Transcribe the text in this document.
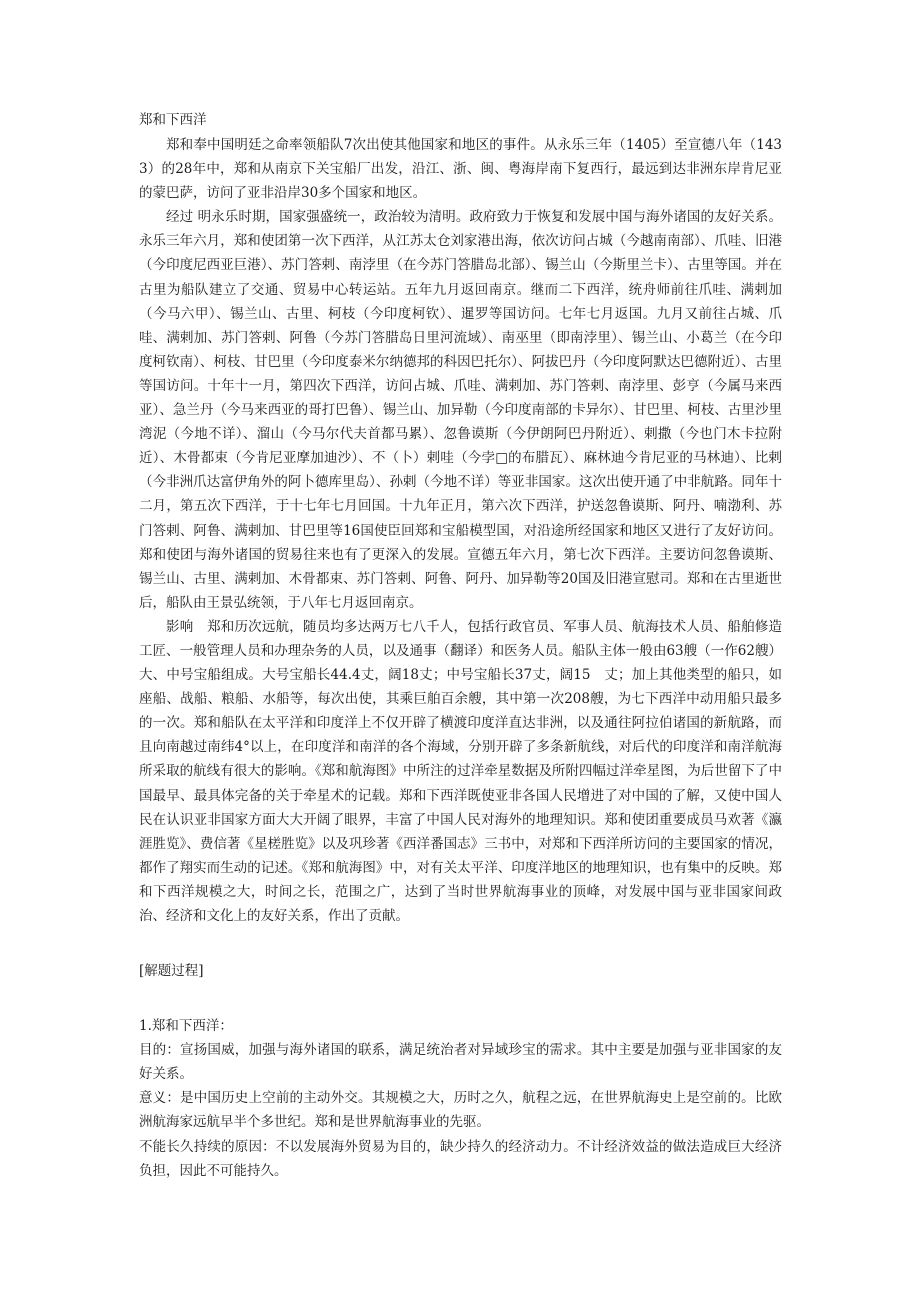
郑和下西洋

郑和奉中国明廷之命率领船队7次出使其他国家和地区的事件。从永乐三年（1405）至宣德八年（1433）的28年中，郑和从南京下关宝船厂出发，沿江、浙、闽、粤海岸南下复西行，最远到达非洲东岸肯尼亚的蒙巴萨，访问了亚非沿岸30多个国家和地区。

经过 明永乐时期，国家强盛统一，政治较为清明。政府致力于恢复和发展中国与海外诸国的友好关系。永乐三年六月，郑和使团第一次下西洋，从江苏太仓刘家港出海，依次访问占城（今越南南部）、爪哇、旧港（今印度尼西亚巨港）、苏门答剌、南浡里（在今苏门答腊岛北部）、锡兰山（今斯里兰卡）、古里等国。并在古里为船队建立了交通、贸易中心转运站。五年九月返回南京。继而二下西洋，统舟师前往爪哇、满剌加（今马六甲）、锡兰山、古里、柯枝（今印度柯钦）、暹罗等国访问。七年七月返国。九月又前往占城、爪哇、满剌加、苏门答剌、阿鲁（今苏门答腊岛日里河流域）、南巫里（即南浡里）、锡兰山、小葛兰（在今印度柯钦南）、柯枝、甘巴里（今印度泰米尔纳德邦的科因巴托尔）、阿拔巴丹（今印度阿默达巴德附近）、古里等国访问。十年十一月，第四次下西洋，访问占城、爪哇、满剌加、苏门答剌、南浡里、彭亨（今属马来西亚）、急兰丹（今马来西亚的哥打巴鲁）、锡兰山、加异勒（今印度南部的卡异尔）、甘巴里、柯枝、古里沙里湾泥（今地不详）、溜山（今马尔代夫首都马累）、忽鲁谟斯（今伊朗阿巴丹附近）、剌撒（今也门木卡拉附近）、木骨都束（今肯尼亚摩加迪沙）、不（卜）剌哇（今孛□的布腊瓦）、麻林迪今肯尼亚的马林迪）、比剌（今非洲爪达富伊角外的阿卜德库里岛）、孙剌（今地不详）等亚非国家。这次出使开通了中非航路。同年十二月，第五次下西洋，于十七年七月回国。十九年正月，第六次下西洋，护送忽鲁谟斯、阿丹、喃渤利、苏门答剌、阿鲁、满剌加、甘巴里等16国使臣回郑和宝船模型国，对沿途所经国家和地区又进行了友好访问。郑和使团与海外诸国的贸易往来也有了更深入的发展。宣德五年六月，第七次下西洋。主要访问忽鲁谟斯、锡兰山、古里、满剌加、木骨都束、苏门答剌、阿鲁、阿丹、加异勒等20国及旧港宣慰司。郑和在古里逝世后，船队由王景弘统领，于八年七月返回南京。

影响　郑和历次远航，随员均多达两万七八千人，包括行政官员、军事人员、航海技术人员、船舶修造工匠、一般管理人员和办理杂务的人员，以及通事（翻译）和医务人员。船队主体一般由63艘（一作62艘）大、中号宝船组成。大号宝船长44.4丈，阔18丈；中号宝船长37丈，阔15　丈；加上其他类型的船只，如座船、战船、粮船、水船等，每次出使，其乘巨舶百余艘，其中第一次208艘，为七下西洋中动用船只最多的一次。郑和船队在太平洋和印度洋上不仅开辟了横渡印度洋直达非洲，以及通往阿拉伯诸国的新航路，而且向南越过南纬4°以上，在印度洋和南洋的各个海域，分别开辟了多条新航线，对后代的印度洋和南洋航海所采取的航线有很大的影响。《郑和航海图》中所注的过洋牵星数据及所附四幅过洋牵星图，为后世留下了中国最早、最具体完备的关于牵星术的记载。郑和下西洋既使亚非各国人民增进了对中国的了解，又使中国人民在认识亚非国家方面大大开阔了眼界，丰富了中国人民对海外的地理知识。郑和使团重要成员马欢著《瀛涯胜览》、费信著《星槎胜览》以及巩珍著《西洋番国志》三书中，对郑和下西洋所访问的主要国家的情况，都作了翔实而生动的记述。《郑和航海图》中，对有关太平洋、印度洋地区的地理知识，也有集中的反映。郑和下西洋规模之大，时间之长，范围之广，达到了当时世界航海事业的顶峰，对发展中国与亚非国家间政治、经济和文化上的友好关系，作出了贡献。

[解题过程]

1.郑和下西洋：

目的：宣扬国威，加强与海外诸国的联系，满足统治者对异域珍宝的需求。其中主要是加强与亚非国家的友好关系。

意义：是中国历史上空前的主动外交。其规模之大，历时之久，航程之远，在世界航海史上是空前的。比欧洲航海家远航早半个多世纪。郑和是世界航海事业的先驱。

不能长久持续的原因：不以发展海外贸易为目的，缺少持久的经济动力。不计经济效益的做法造成巨大经济负担，因此不可能持久。
